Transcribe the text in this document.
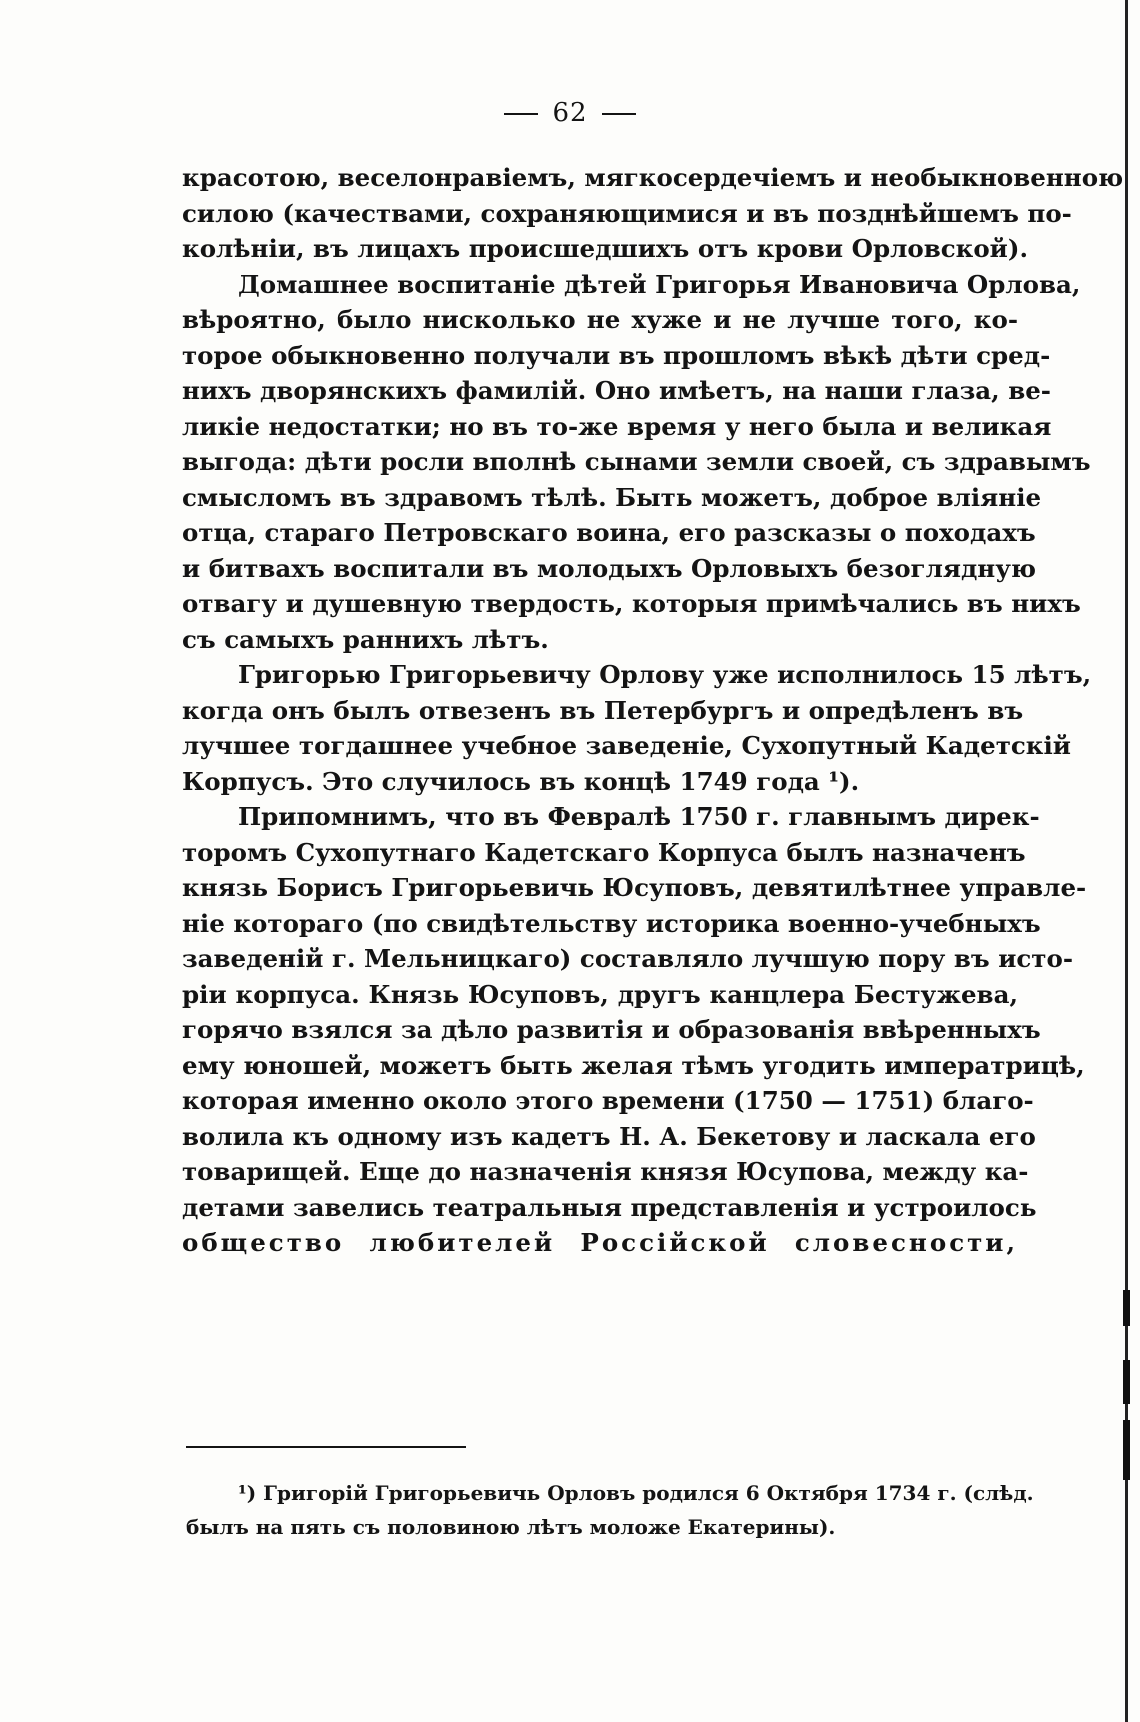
62
красотою, веселонравіемъ, мягкосердечіемъ и необыкновенною
силою (качествами, сохраняющимися и въ позднѣйшемъ по-
колѣніи, въ лицахъ происшедшихъ отъ крови Орловской).
Домашнее воспитаніе дѣтей Григорья Ивановича Орлова,
вѣроятно, было нисколько не хуже и не лучше того, ко-
торое обыкновенно получали въ прошломъ вѣкѣ дѣти сред-
нихъ дворянскихъ фамилій. Оно имѣетъ, на наши глаза, ве-
ликіе недостатки; но въ то-же время у него была и великая
выгода: дѣти росли вполнѣ сынами земли своей, съ здравымъ
смысломъ въ здравомъ тѣлѣ. Быть можетъ, доброе вліяніе
отца, стараго Петровскаго воина, его разсказы о походахъ
и битвахъ воспитали въ молодыхъ Орловыхъ безоглядную
отвагу и душевную твердость, которыя примѣчались въ нихъ
съ самыхъ раннихъ лѣтъ.
Григорью Григорьевичу Орлову уже исполнилось 15 лѣтъ,
когда онъ былъ отвезенъ въ Петербургъ и опредѣленъ въ
лучшее тогдашнее учебное заведеніе, Сухопутный Кадетскій
Корпусъ. Это случилось въ концѣ 1749 года ¹).
Припомнимъ, что въ Февралѣ 1750 г. главнымъ дирек-
торомъ Сухопутнаго Кадетскаго Корпуса былъ назначенъ
князь Борисъ Григорьевичь Юсуповъ, девятилѣтнее управле-
ніе котораго (по свидѣтельству историка военно-учебныхъ
заведеній г. Мельницкаго) составляло лучшую пору въ исто-
ріи корпуса. Князь Юсуповъ, другъ канцлера Бестужева,
горячо взялся за дѣло развитія и образованія ввѣренныхъ
ему юношей, можетъ быть желая тѣмъ угодить императрицѣ,
которая именно около этого времени (1750 — 1751) благо-
волила къ одному изъ кадетъ Н. А. Бекетову и ласкала его
товарищей. Еще до назначенія князя Юсупова, между ка-
детами завелись театральныя представленія и устроилось
общество любителей Россійской словесности,
¹) Григорій Григорьевичь Орловъ родился 6 Октября 1734 г. (слѣд.
былъ на пять съ половиною лѣтъ моложе Екатерины).
